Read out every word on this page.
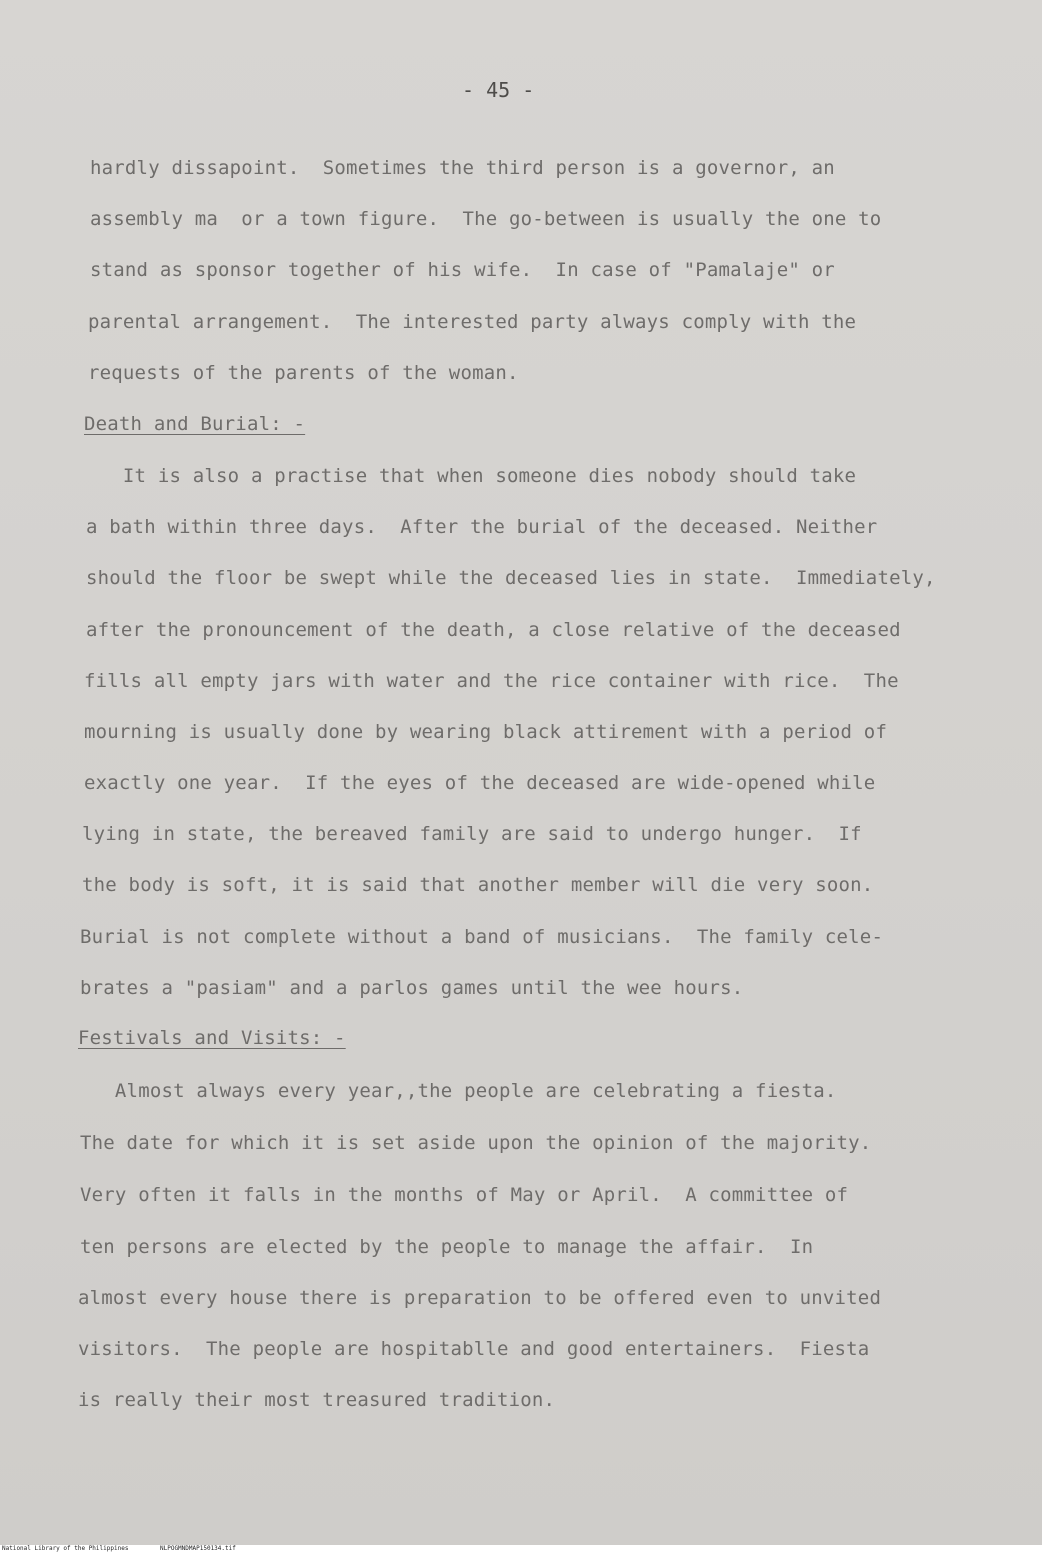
- 45 -
hardly dissapoint.  Sometimes the third person is a governor, an
assembly ma  or a town figure.  The go-between is usually the one to
stand as sponsor together of his wife.  In case of "Pamalaje" or
parental arrangement.  The interested party always comply with the
requests of the parents of the woman.
Death and Burial: -
It is also a practise that when someone dies nobody should take
a bath within three days.  After the burial of the deceased. Neither
should the floor be swept while the deceased lies in state.  Immediately,
after the pronouncement of the death, a close relative of the deceased
fills all empty jars with water and the rice container with rice.  The
mourning is usually done by wearing black attirement with a period of
exactly one year.  If the eyes of the deceased are wide-opened while
lying in state, the bereaved family are said to undergo hunger.  If
the body is soft, it is said that another member will die very soon.
Burial is not complete without a band of musicians.  The family cele-
brates a "pasiam" and a parlos games until the wee hours.
Festivals and Visits: -
Almost always every year,,the people are celebrating a fiesta.
The date for which it is set aside upon the opinion of the majority.
Very often it falls in the months of May or April.  A committee of
ten persons are elected by the people to manage the affair.  In
almost every house there is preparation to be offered even to unvited
visitors.  The people are hospitablle and good entertainers.  Fiesta
is really their most treasured tradition.
National Library of the Philippines	NLPOGMNDMAP150134.tif
